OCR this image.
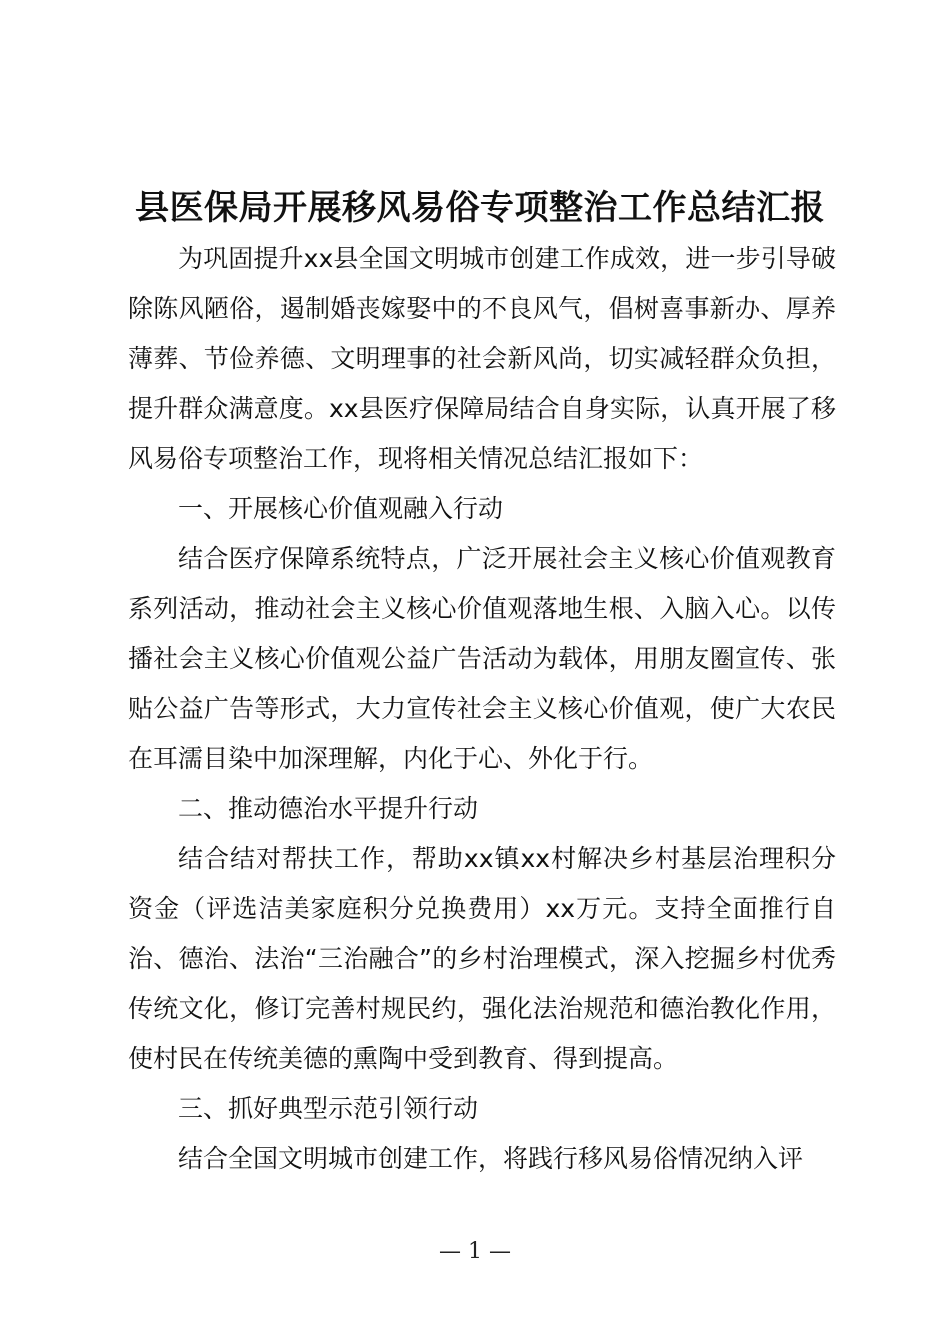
县医保局开展移风易俗专项整治工作总结汇报

为巩固提升xx县全国文明城市创建工作成效，进一步引导破除陈风陋俗，遏制婚丧嫁娶中的不良风气，倡树喜事新办、厚养薄葬、节俭养德、文明理事的社会新风尚，切实减轻群众负担，提升群众满意度。xx县医疗保障局结合自身实际，认真开展了移风易俗专项整治工作，现将相关情况总结汇报如下：

一、开展核心价值观融入行动

结合医疗保障系统特点，广泛开展社会主义核心价值观教育系列活动，推动社会主义核心价值观落地生根、入脑入心。以传播社会主义核心价值观公益广告活动为载体，用朋友圈宣传、张贴公益广告等形式，大力宣传社会主义核心价值观，使广大农民在耳濡目染中加深理解，内化于心、外化于行。

二、推动德治水平提升行动

结合结对帮扶工作，帮助xx镇xx村解决乡村基层治理积分资金（评选洁美家庭积分兑换费用）xx万元。支持全面推行自治、德治、法治“三治融合”的乡村治理模式，深入挖掘乡村优秀传统文化，修订完善村规民约，强化法治规范和德治教化作用，使村民在传统美德的熏陶中受到教育、得到提高。

三、抓好典型示范引领行动

结合全国文明城市创建工作，将践行移风易俗情况纳入评

— 1 —
